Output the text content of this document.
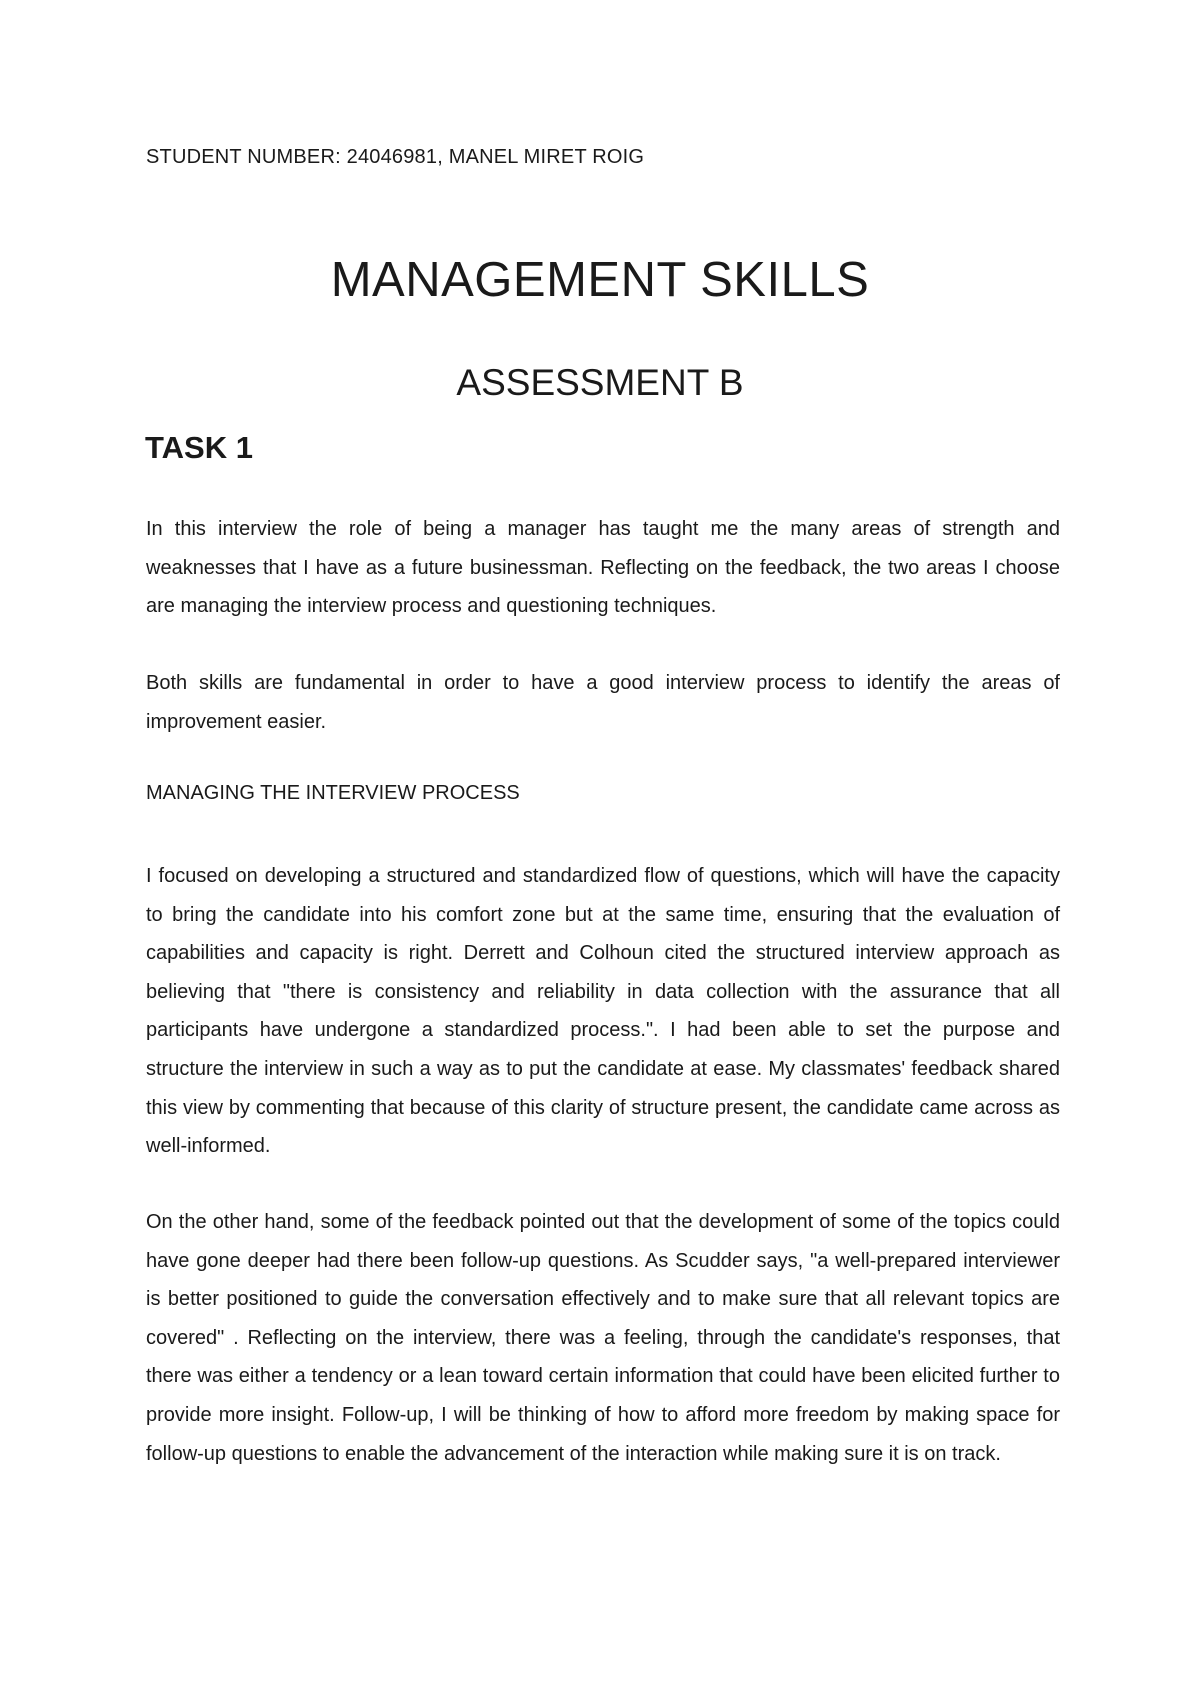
STUDENT NUMBER: 24046981, MANEL MIRET ROIG
MANAGEMENT SKILLS
ASSESSMENT B
TASK 1

In this interview the role of being a manager has taught me the many areas of strength and weaknesses that I have as a future businessman. Reflecting on the feedback, the two areas I choose are managing the interview process and questioning techniques.

Both skills are fundamental in order to have a good interview process to identify the areas of improvement easier.

MANAGING THE INTERVIEW PROCESS

I focused on developing a structured and standardized flow of questions, which will have the capacity to bring the candidate into his comfort zone but at the same time, ensuring that the evaluation of capabilities and capacity is right. Derrett and Colhoun cited the structured interview approach as believing that "there is consistency and reliability in data collection with the assurance that all participants have undergone a standardized process.". I had been able to set the purpose and structure the interview in such a way as to put the candidate at ease. My classmates' feedback shared this view by commenting that because of this clarity of structure present, the candidate came across as well-informed.

On the other hand, some of the feedback pointed out that the development of some of the topics could have gone deeper had there been follow-up questions. As Scudder says, "a well-prepared interviewer is better positioned to guide the conversation effectively and to make sure that all relevant topics are covered" . Reflecting on the interview, there was a feeling, through the candidate's responses, that there was either a tendency or a lean toward certain information that could have been elicited further to provide more insight. Follow-up, I will be thinking of how to afford more freedom by making space for follow-up questions to enable the advancement of the interaction while making sure it is on track.
